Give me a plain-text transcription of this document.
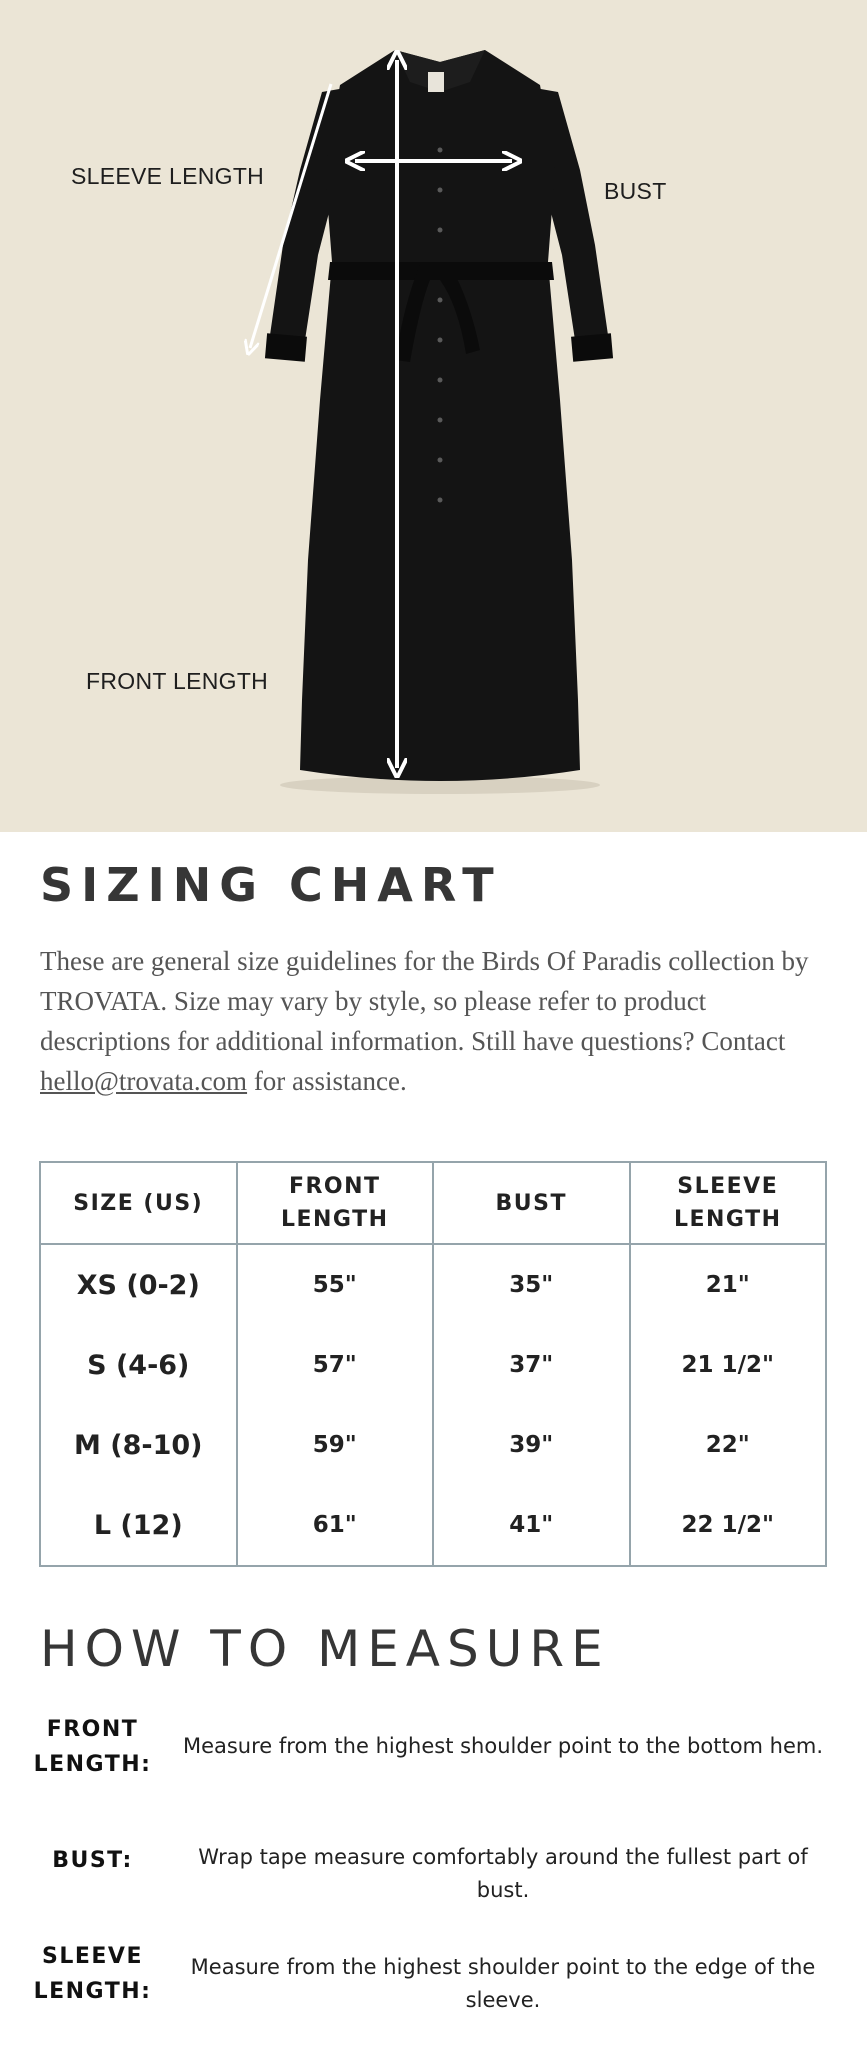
SLEEVE LENGTH
BUST
FRONT LENGTH
SIZING CHART

These are general size guidelines for the Birds Of Paradis collection by TROVATA. Size may vary by style, so please refer to product descriptions for additional information. Still have questions? Contact hello@trovata.com for assistance.

SIZE (US)	FRONT LENGTH	BUST	SLEEVE LENGTH
XS (0-2)	55"	35"	21"
S (4-6)	57"	37"	21 1/2"
M (8-10)	59"	39"	22"
L (12)	61"	41"	22 1/2"
HOW TO MEASURE
FRONT LENGTH:
Measure from the highest shoulder point to the bottom hem.
BUST:	Wrap tape measure comfortably around the fullest part of bust.
SLEEVE LENGTH:
Measure from the highest shoulder point to the edge of the sleeve.
